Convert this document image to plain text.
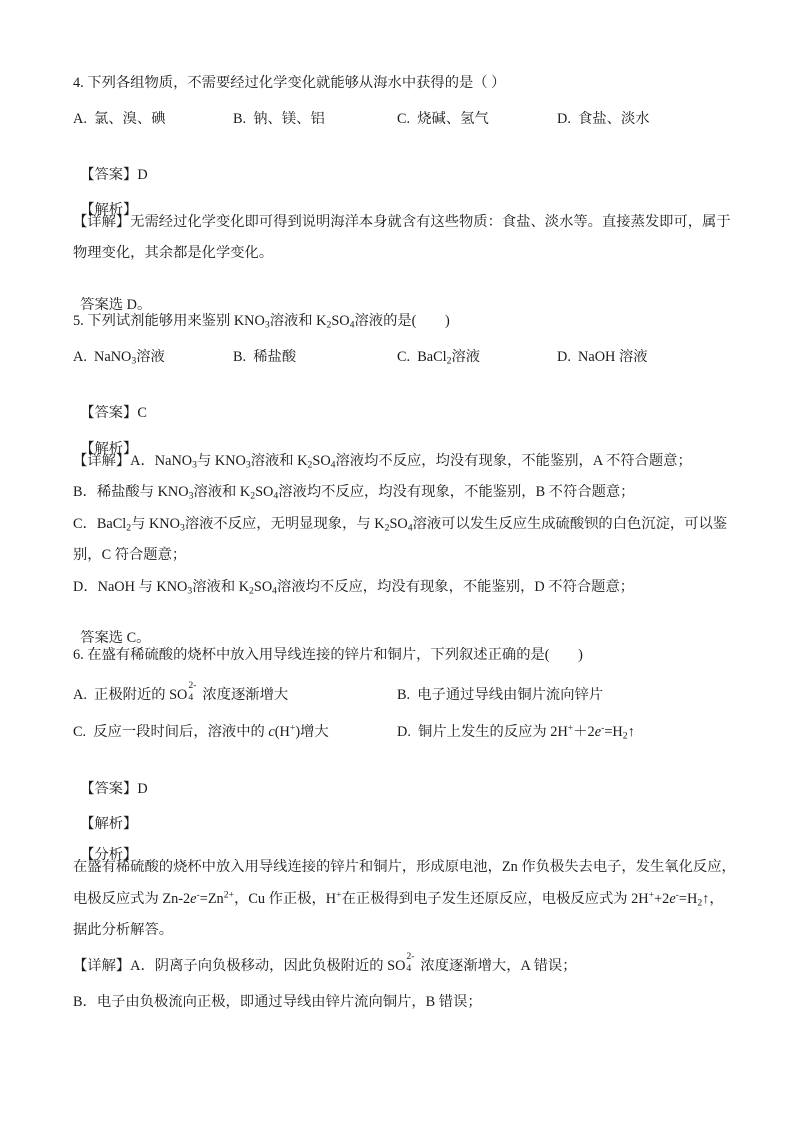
4. 下列各组物质，不需要经过化学变化就能够从海水中获得的是（ ）
A.  氯、溴、碘	B.  钠、镁、铝	C.  烧碱、氢气	D.  食盐、淡水

【答案】D

【解析】

【详解】无需经过化学变化即可得到说明海洋本身就含有这些物质：食盐、淡水等。直接蒸发即可，属于
物理变化，其余都是化学变化。

答案选 D。

5. 下列试剂能够用来鉴别 $KNO_3$溶液和 $K_2SO_4$溶液的是(　　)
A.  NaNO$_3$溶液	B.  稀盐酸	C.  BaCl$_2$溶液	D.  NaOH 溶液

【答案】C

【解析】

【详解】A．NaNO$_3$与 $KNO_3$溶液和 $K_2SO_4$溶液均不反应，均没有现象，不能鉴别，A 不符合题意；
B．稀盐酸与 $KNO_3$溶液和 $K_2SO_4$溶液均不反应，均没有现象，不能鉴别，B 不符合题意；
C．BaCl$_2$与 $KNO_3$溶液不反应，无明显现象，与 $K_2SO_4$溶液可以发生反应生成硫酸钡的白色沉淀，可以鉴
别，C 符合题意；
D．NaOH 与 $KNO_3$溶液和 $K_2SO_4$溶液均不反应，均没有现象，不能鉴别，D 不符合题意；

答案选 C。

6. 在盛有稀硫酸的烧杯中放入用导线连接的锌片和铜片，下列叙述正确的是(　　)
A.  正极附近的 SO
2-
4 浓度逐渐增大	B.  电子通过导线由铜片流向锌片
C.  反应一段时间后，溶液中的 c(H+)增大	D.  铜片上发生的反应为 $2H^++2e^-=H_2↑$

【答案】D

【解析】

【分析】

在盛有稀硫酸的烧杯中放入用导线连接的锌片和铜片，形成原电池，Zn 作负极失去电子，发生氧化反应，
电极反应式为 $Zn-2e^-=Zn^{2+}$，Cu 作正极，H+在正极得到电子发生还原反应，电极反应式为 $2H^++2e^-=H_2↑$，
据此分析解答。
【详解】A．阴离子向负极移动，因此负极附近的 SO
2-
4 浓度逐渐增大，A 错误；
B．电子由负极流向正极，即通过导线由锌片流向铜片，B 错误；
